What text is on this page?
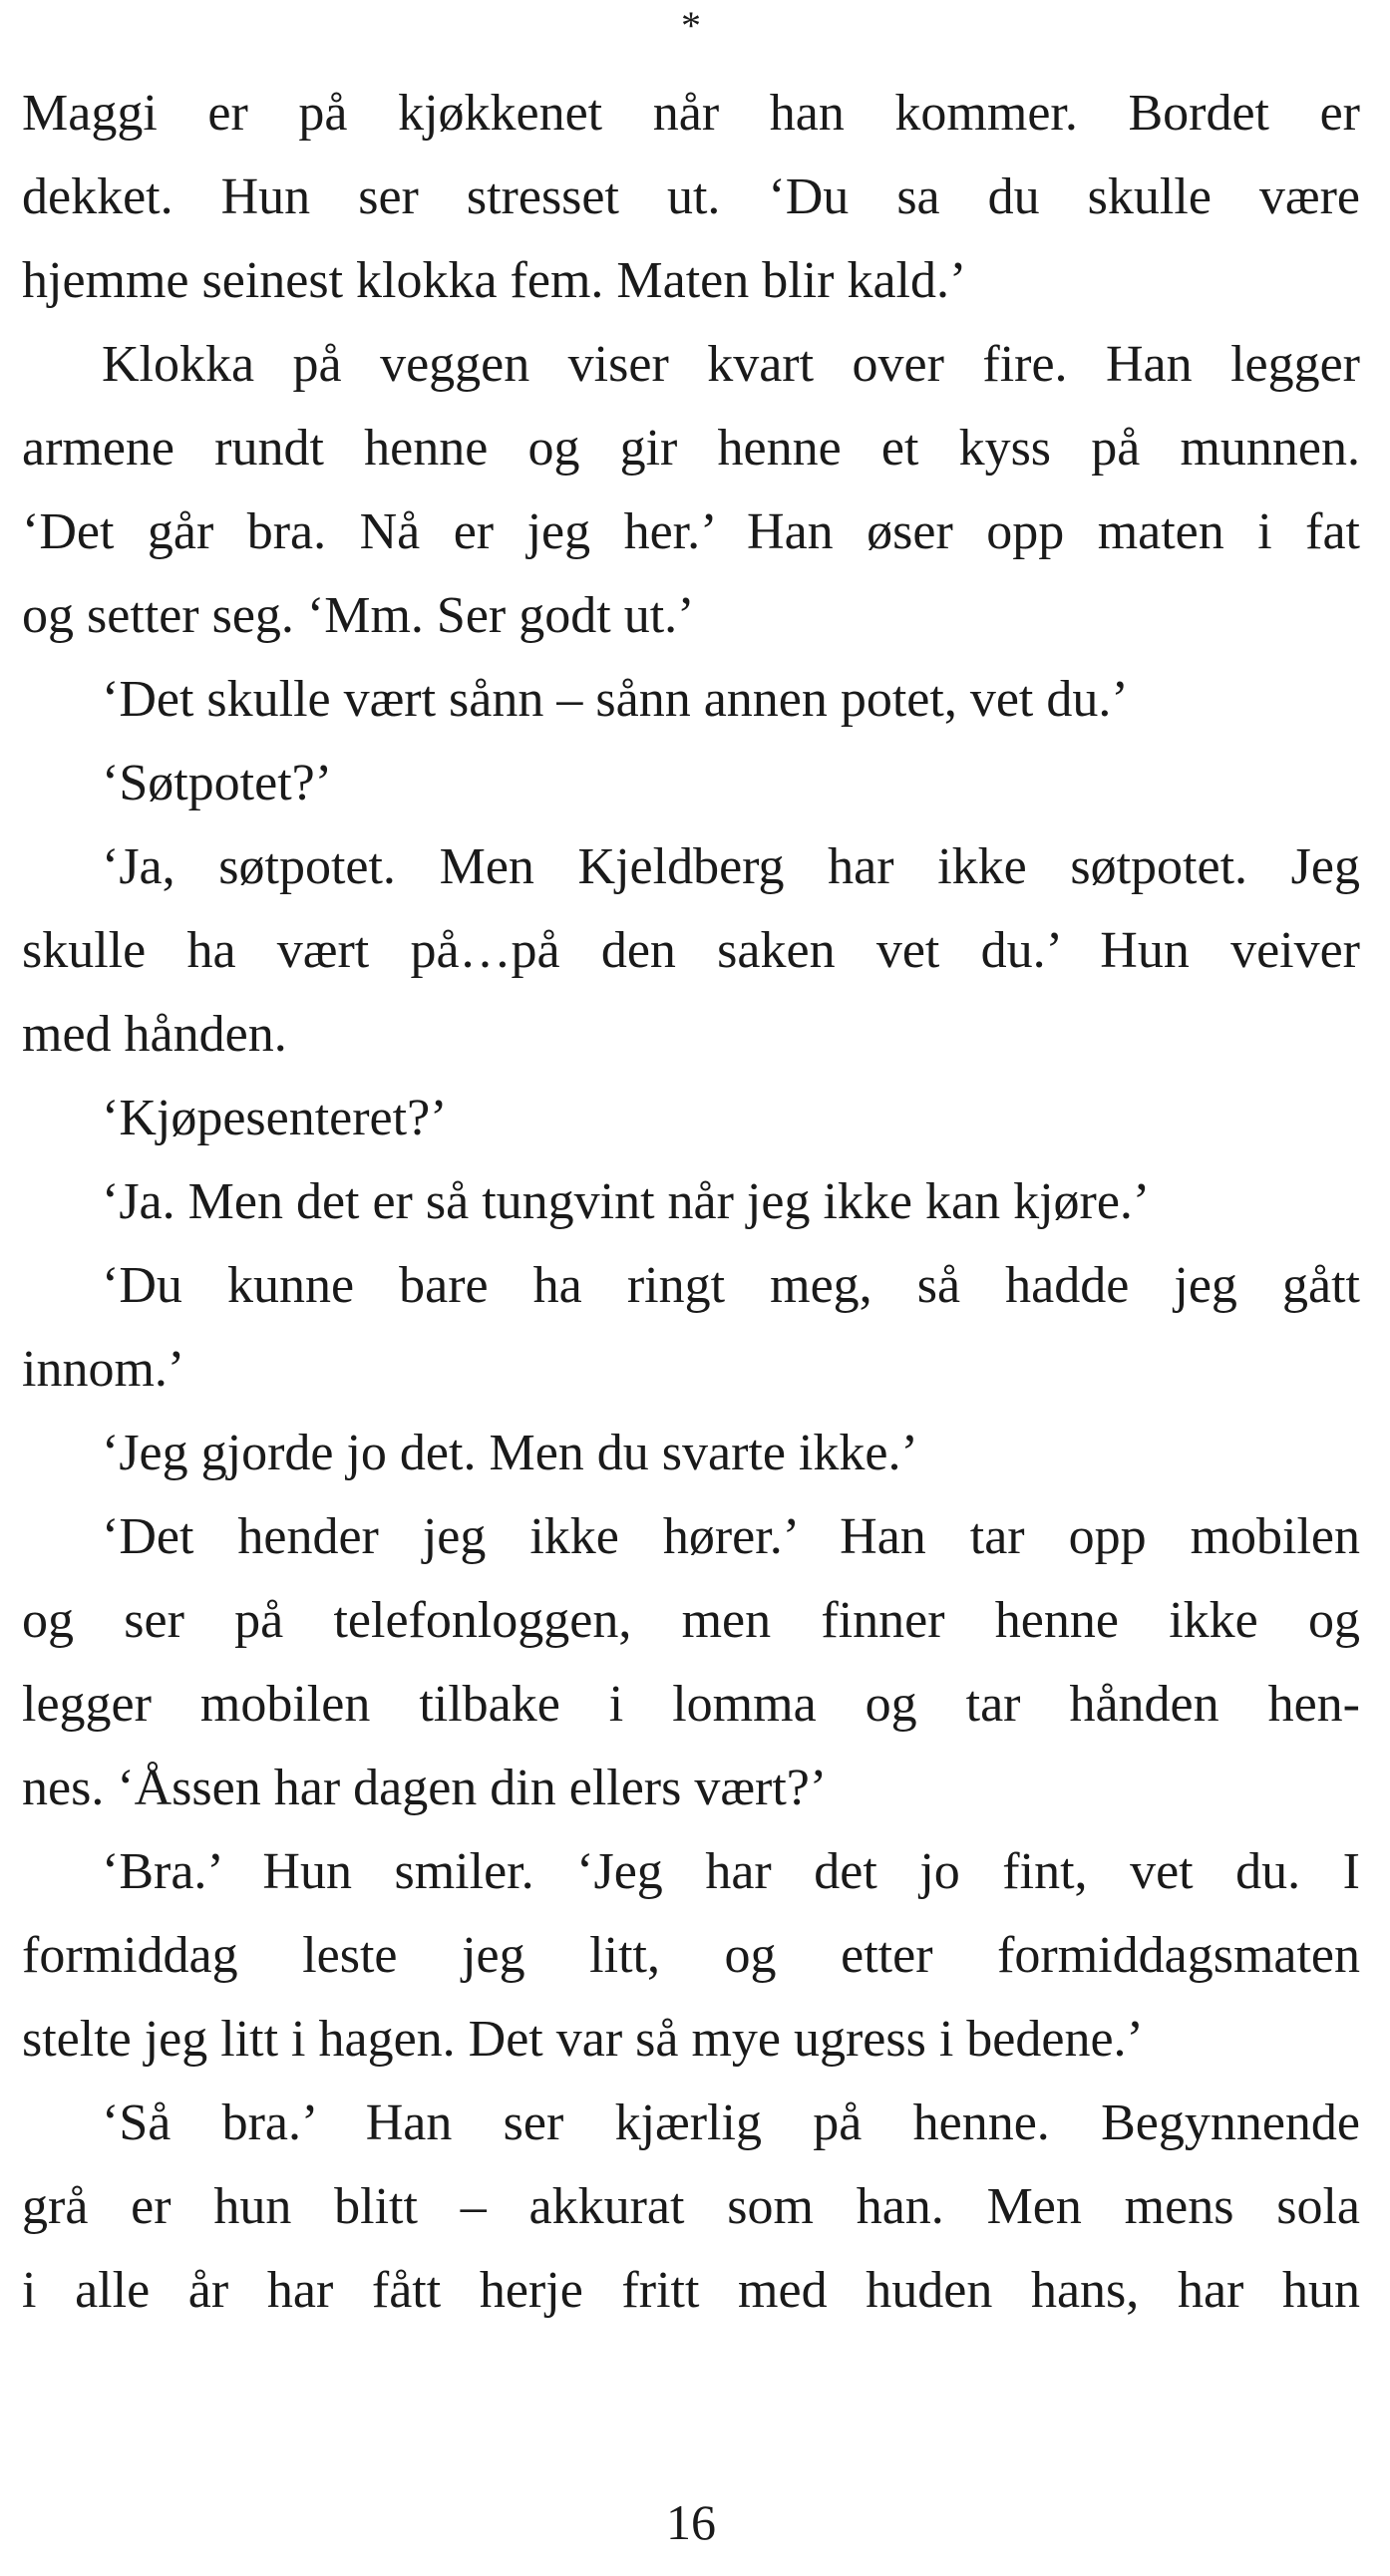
*
Maggi er på kjøkkenet når han kommer. Bordet er
dekket. Hun ser stresset ut. ‘Du sa du skulle være
hjemme seinest klokka fem. Maten blir kald.’
Klokka på veggen viser kvart over fire. Han legger
armene rundt henne og gir henne et kyss på munnen.
‘Det går bra. Nå er jeg her.’ Han øser opp maten i fat
og setter seg. ‘Mm. Ser godt ut.’
‘Det skulle vært sånn – sånn annen potet, vet du.’
‘Søtpotet?’
‘Ja, søtpotet. Men Kjeldberg har ikke søtpotet. Jeg
skulle ha vært på…på den saken vet du.’ Hun veiver
med hånden.
‘Kjøpesenteret?’
‘Ja. Men det er så tungvint når jeg ikke kan kjøre.’
‘Du kunne bare ha ringt meg, så hadde jeg gått
innom.’
‘Jeg gjorde jo det. Men du svarte ikke.’
‘Det hender jeg ikke hører.’ Han tar opp mobilen
og ser på telefonloggen, men finner henne ikke og
legger mobilen tilbake i lomma og tar hånden hen-
nes. ‘Åssen har dagen din ellers vært?’
‘Bra.’ Hun smiler. ‘Jeg har det jo fint, vet du. I
formiddag leste jeg litt, og etter formiddagsmaten
stelte jeg litt i hagen. Det var så mye ugress i bedene.’
‘Så bra.’ Han ser kjærlig på henne. Begynnende
grå er hun blitt – akkurat som han. Men mens sola
i alle år har fått herje fritt med huden hans, har hun
16
